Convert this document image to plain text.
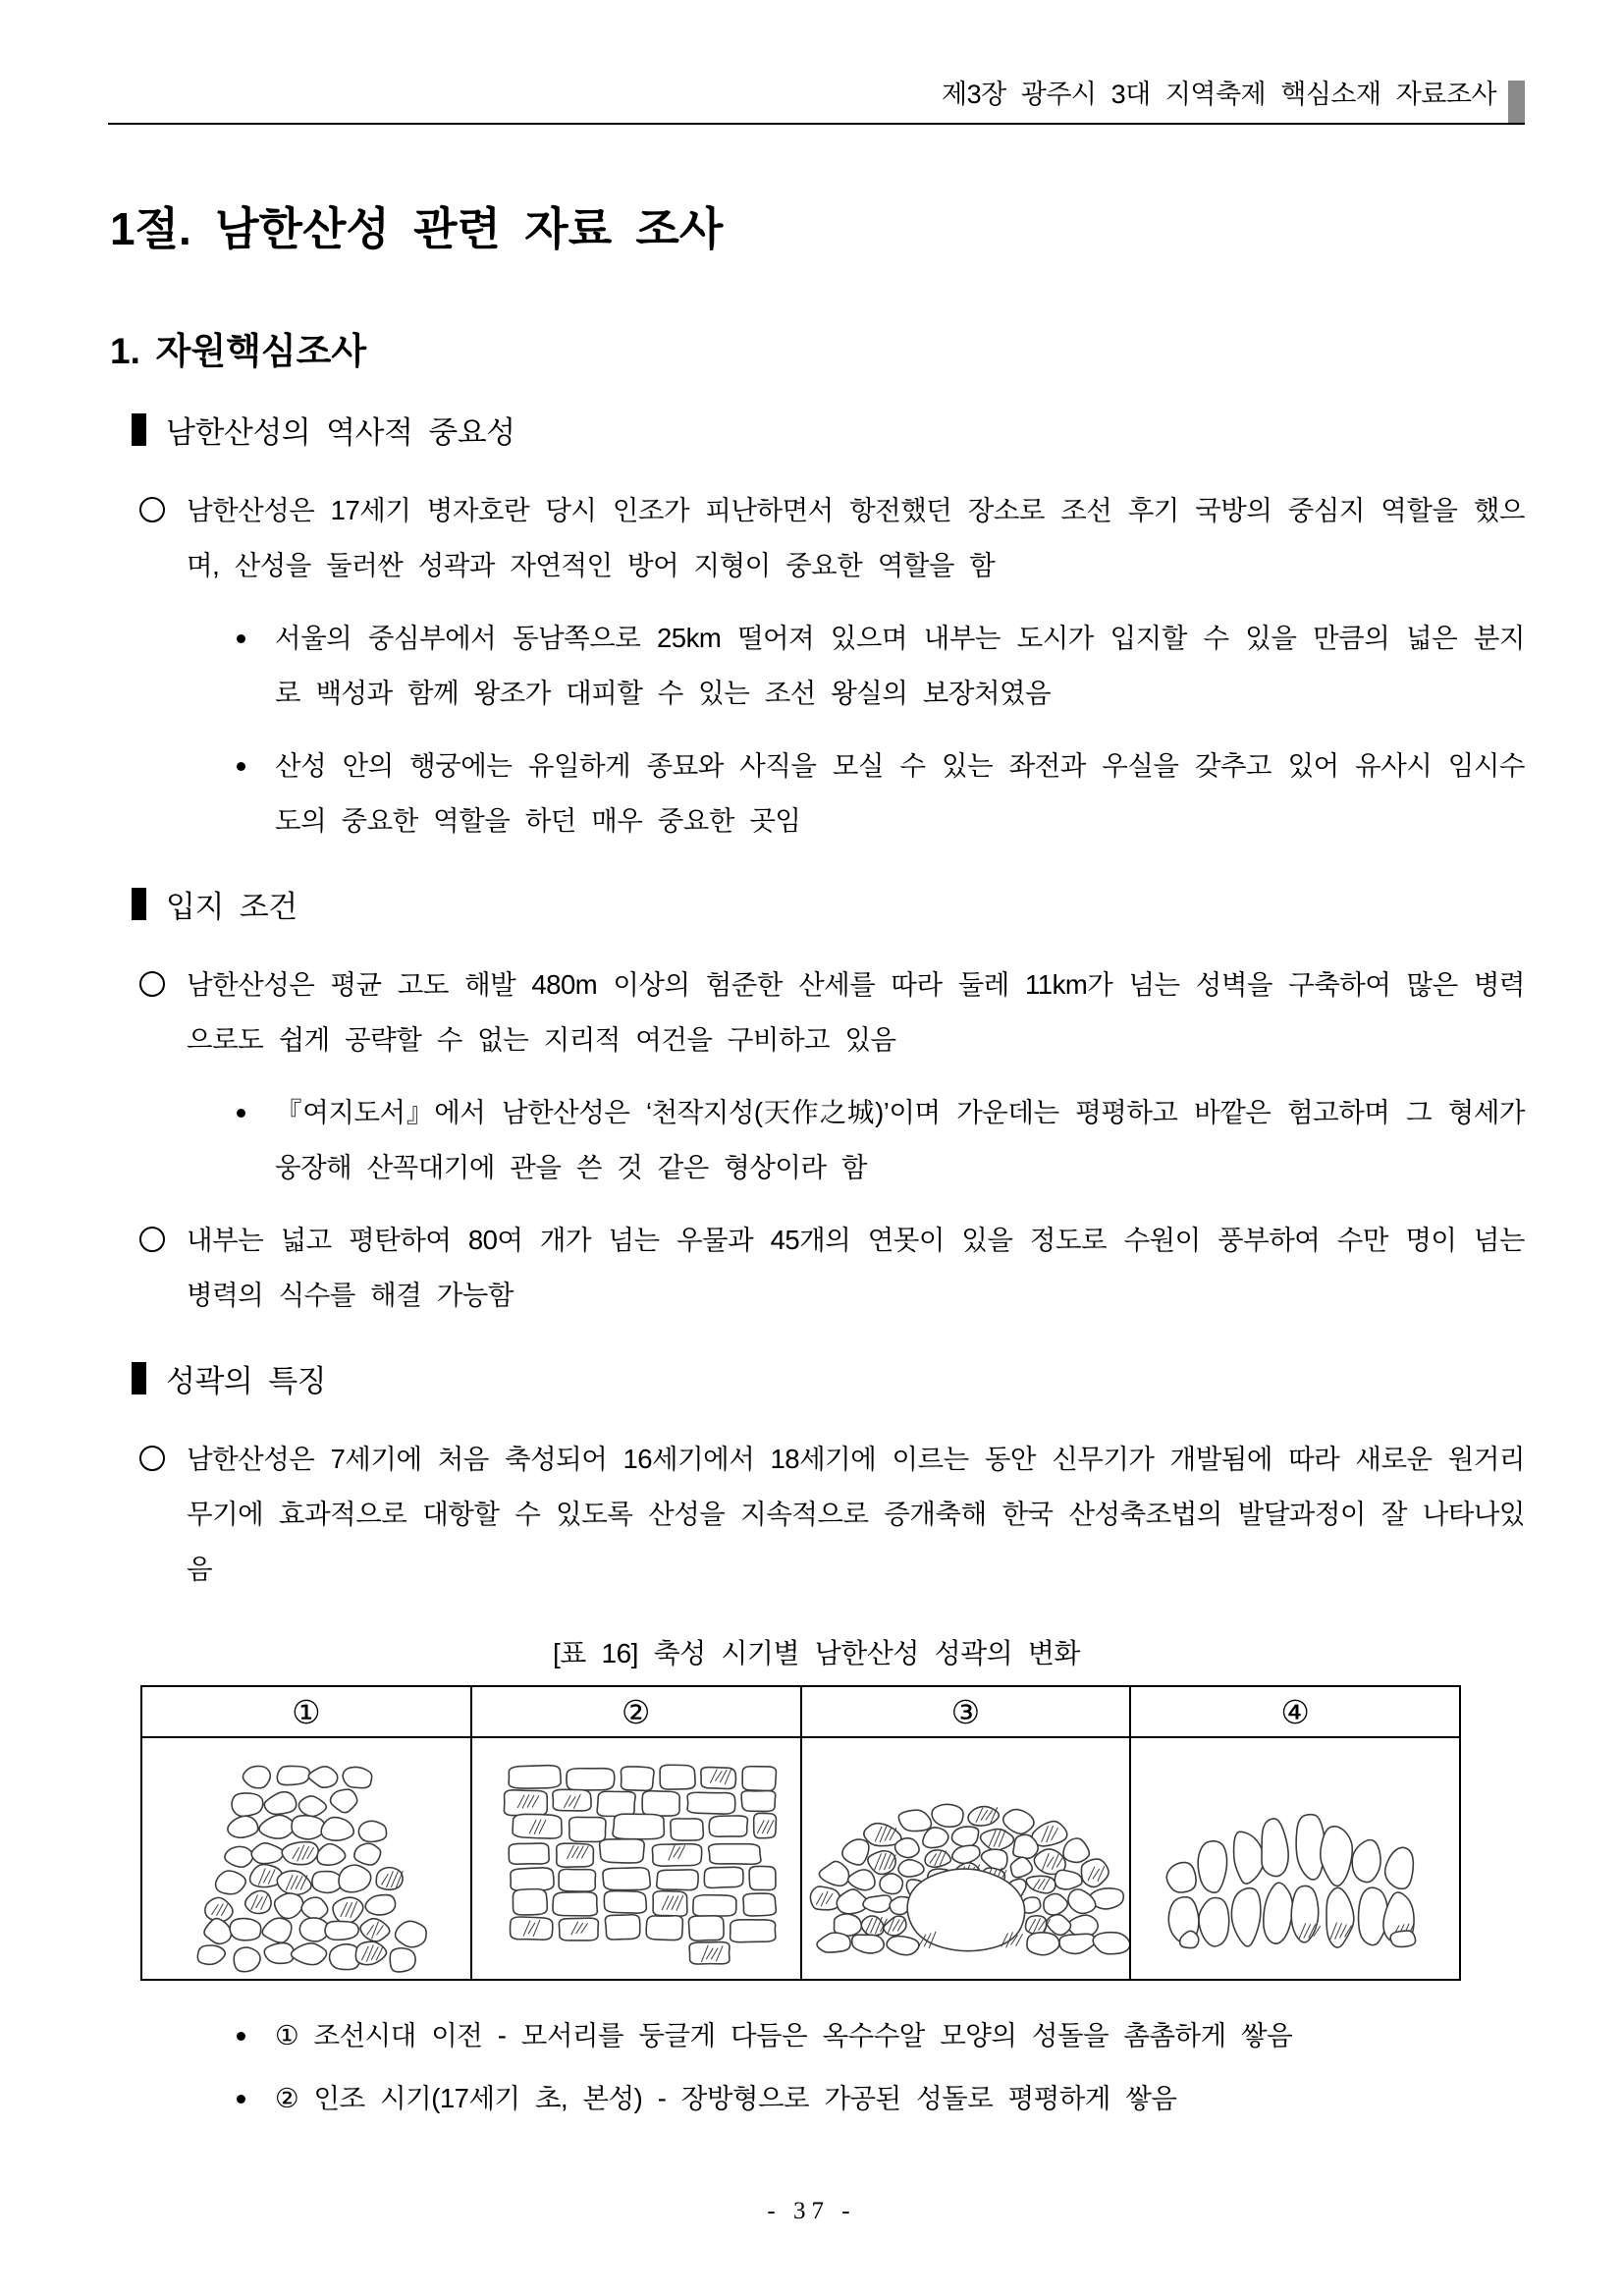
제3장 광주시 3대 지역축제 핵심소재 자료조사
1절. 남한산성 관련 자료 조사
1. 자원핵심조사
남한산성의 역사적 중요성

남한산성은 17세기 병자호란 당시 인조가 피난하면서 항전했던 장소로 조선 후기 국방의 중심지 역할을 했으며, 산성을 둘러싼 성곽과 자연적인 방어 지형이 중요한 역할을 함

서울의 중심부에서 동남쪽으로 25km 떨어져 있으며 내부는 도시가 입지할 수 있을 만큼의 넓은 분지로 백성과 함께 왕조가 대피할 수 있는 조선 왕실의 보장처였음

산성 안의 행궁에는 유일하게 종묘와 사직을 모실 수 있는 좌전과 우실을 갖추고 있어 유사시 임시수도의 중요한 역할을 하던 매우 중요한 곳임

입지 조건

남한산성은 평균 고도 해발 480m 이상의 험준한 산세를 따라 둘레 11km가 넘는 성벽을 구축하여 많은 병력으로도 쉽게 공략할 수 없는 지리적 여건을 구비하고 있음

『여지도서』에서 남한산성은 ‘천작지성(天作之城)’이며 가운데는 평평하고 바깥은 험고하며 그 형세가 웅장해 산꼭대기에 관을 쓴 것 같은 형상이라 함

내부는 넓고 평탄하여 80여 개가 넘는 우물과 45개의 연못이 있을 정도로 수원이 풍부하여 수만 명이 넘는 병력의 식수를 해결 가능함

성곽의 특징

남한산성은 7세기에 처음 축성되어 16세기에서 18세기에 이르는 동안 신무기가 개발됨에 따라 새로운 원거리 무기에 효과적으로 대항할 수 있도록 산성을 지속적으로 증개축해 한국 산성축조법의 발달과정이 잘 나타나있음

[표 16] 축성 시기별 남한산성 성곽의 변화
①	②	③	④

① 조선시대 이전 - 모서리를 둥글게 다듬은 옥수수알 모양의 성돌을 촘촘하게 쌓음

② 인조 시기(17세기 초, 본성) - 장방형으로 가공된 성돌로 평평하게 쌓음

- 37 -
